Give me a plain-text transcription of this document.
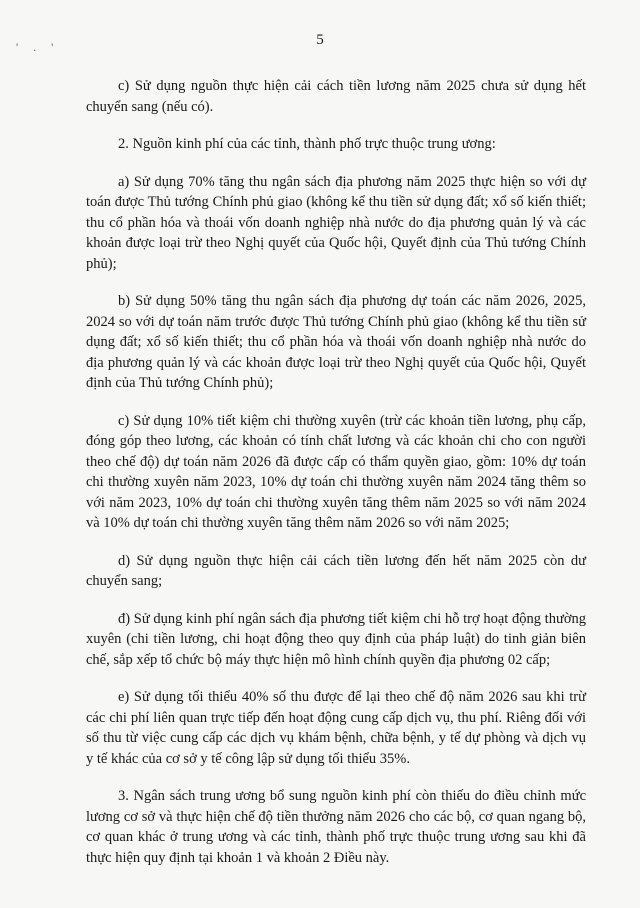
' . '	5

c) Sử dụng nguồn thực hiện cải cách tiền lương năm 2025 chưa sử dụng hết chuyển sang (nếu có).

2. Nguồn kinh phí của các tỉnh, thành phố trực thuộc trung ương:

a) Sử dụng 70% tăng thu ngân sách địa phương năm 2025 thực hiện so với dự toán được Thủ tướng Chính phủ giao (không kể thu tiền sử dụng đất; xổ số kiến thiết; thu cổ phần hóa và thoái vốn doanh nghiệp nhà nước do địa phương quản lý và các khoản được loại trừ theo Nghị quyết của Quốc hội, Quyết định của Thủ tướng Chính phủ);

b) Sử dụng 50% tăng thu ngân sách địa phương dự toán các năm 2026, 2025, 2024 so với dự toán năm trước được Thủ tướng Chính phủ giao (không kể thu tiền sử dụng đất; xổ số kiến thiết; thu cổ phần hóa và thoái vốn doanh nghiệp nhà nước do địa phương quản lý và các khoản được loại trừ theo Nghị quyết của Quốc hội, Quyết định của Thủ tướng Chính phủ);

c) Sử dụng 10% tiết kiệm chi thường xuyên (trừ các khoản tiền lương, phụ cấp, đóng góp theo lương, các khoản có tính chất lương và các khoản chi cho con người theo chế độ) dự toán năm 2026 đã được cấp có thẩm quyền giao, gồm: 10% dự toán chi thường xuyên năm 2023, 10% dự toán chi thường xuyên năm 2024 tăng thêm so với năm 2023, 10% dự toán chi thường xuyên tăng thêm năm 2025 so với năm 2024 và 10% dự toán chi thường xuyên tăng thêm năm 2026 so với năm 2025;

d) Sử dụng nguồn thực hiện cải cách tiền lương đến hết năm 2025 còn dư chuyển sang;

đ) Sử dụng kinh phí ngân sách địa phương tiết kiệm chi hỗ trợ hoạt động thường xuyên (chi tiền lương, chi hoạt động theo quy định của pháp luật) do tinh giản biên chế, sắp xếp tổ chức bộ máy thực hiện mô hình chính quyền địa phương 02 cấp;

e) Sử dụng tối thiểu 40% số thu được để lại theo chế độ năm 2026 sau khi trừ các chi phí liên quan trực tiếp đến hoạt động cung cấp dịch vụ, thu phí. Riêng đối với số thu từ việc cung cấp các dịch vụ khám bệnh, chữa bệnh, y tế dự phòng và dịch vụ y tế khác của cơ sở y tế công lập sử dụng tối thiểu 35%.

3. Ngân sách trung ương bổ sung nguồn kinh phí còn thiếu do điều chỉnh mức lương cơ sở và thực hiện chế độ tiền thưởng năm 2026 cho các bộ, cơ quan ngang bộ, cơ quan khác ở trung ương và các tỉnh, thành phố trực thuộc trung ương sau khi đã thực hiện quy định tại khoản 1 và khoản 2 Điều này.
